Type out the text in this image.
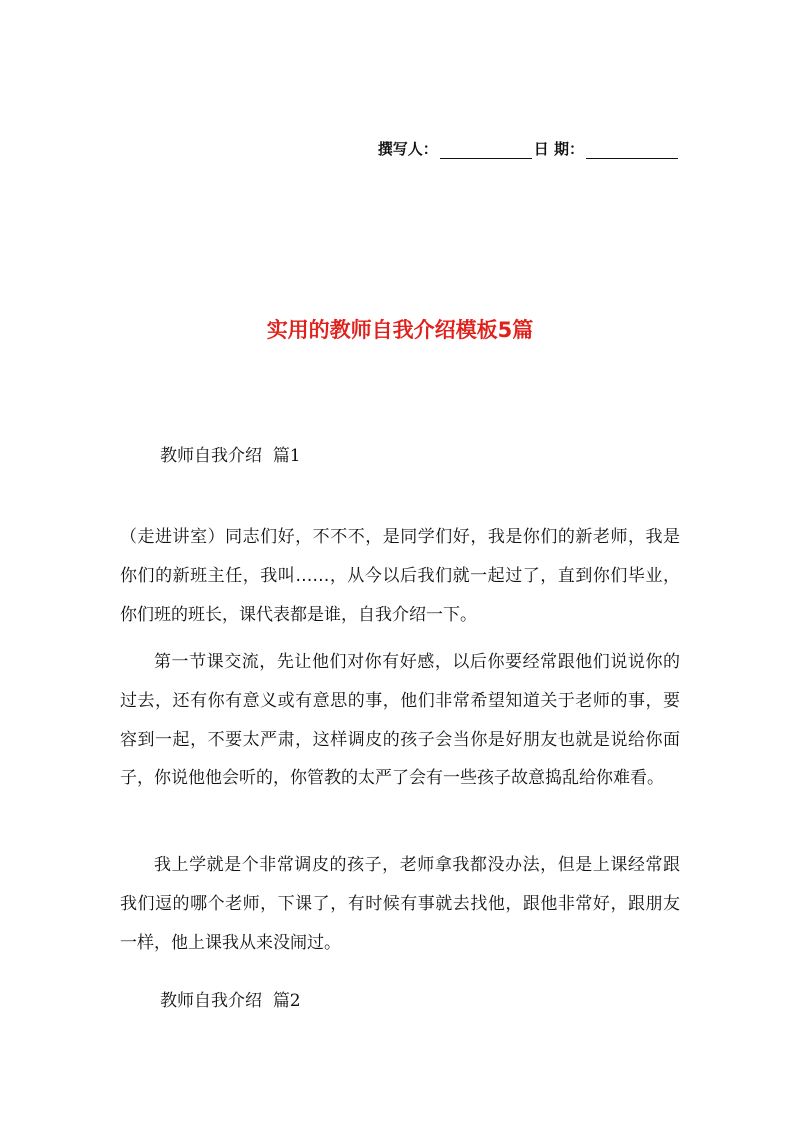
撰写人：	日 期：
实用的教师自我介绍模板5篇
教师自我介绍 篇1

（走进讲室）同志们好，不不不，是同学们好，我是你们的新老师，我是你们的新班主任，我叫……，从今以后我们就一起过了，直到你们毕业，你们班的班长，课代表都是谁，自我介绍一下。

第一节课交流，先让他们对你有好感，以后你要经常跟他们说说你的过去，还有你有意义或有意思的事，他们非常希望知道关于老师的事，要容到一起，不要太严肃，这样调皮的孩子会当你是好朋友也就是说给你面子，你说他他会听的，你管教的太严了会有一些孩子故意捣乱给你难看。

我上学就是个非常调皮的孩子，老师拿我都没办法，但是上课经常跟我们逗的哪个老师，下课了，有时候有事就去找他，跟他非常好，跟朋友一样，他上课我从来没闹过。

教师自我介绍 篇2
